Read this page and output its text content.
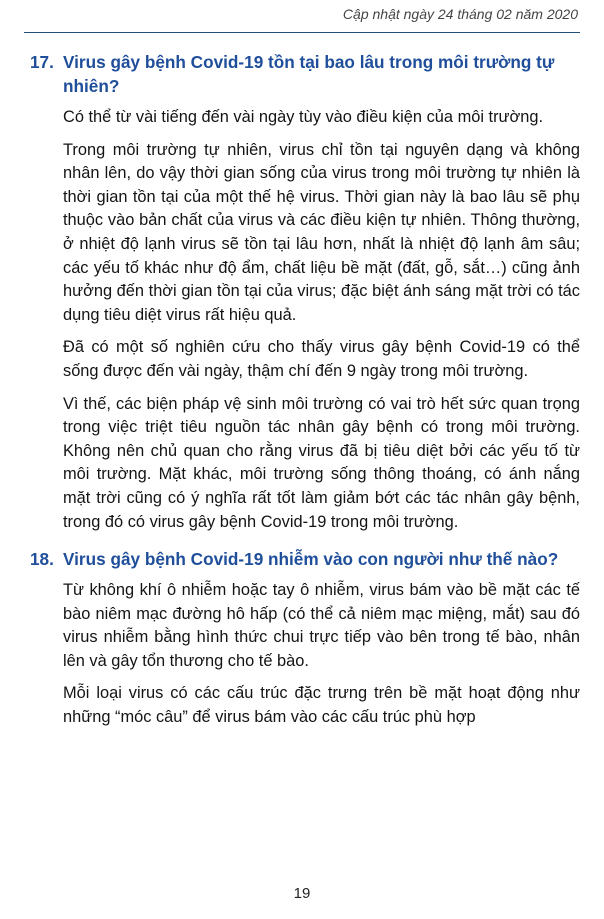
Cập nhật ngày 24 tháng 02 năm 2020
17. Virus gây bệnh Covid-19 tồn tại bao lâu trong môi trường tự nhiên?

Có thể từ vài tiếng đến vài ngày tùy vào điều kiện của môi trường.

Trong môi trường tự nhiên, virus chỉ tồn tại nguyên dạng và không nhân lên, do vậy thời gian sống của virus trong môi trường tự nhiên là thời gian tồn tại của một thế hệ virus. Thời gian này là bao lâu sẽ phụ thuộc vào bản chất của virus và các điều kiện tự nhiên. Thông thường, ở nhiệt độ lạnh virus sẽ tồn tại lâu hơn, nhất là nhiệt độ lạnh âm sâu; các yếu tố khác như độ ẩm, chất liệu bề mặt (đất, gỗ, sắt…) cũng ảnh hưởng đến thời gian tồn tại của virus; đặc biệt ánh sáng mặt trời có tác dụng tiêu diệt virus rất hiệu quả.

Đã có một số nghiên cứu cho thấy virus gây bệnh Covid-19 có thể sống được đến vài ngày, thậm chí đến 9 ngày trong môi trường.

Vì thế, các biện pháp vệ sinh môi trường có vai trò hết sức quan trọng trong việc triệt tiêu nguồn tác nhân gây bệnh có trong môi trường. Không nên chủ quan cho rằng virus đã bị tiêu diệt bởi các yếu tố từ môi trường. Mặt khác, môi trường sống thông thoáng, có ánh nắng mặt trời cũng có ý nghĩa rất tốt làm giảm bớt các tác nhân gây bệnh, trong đó có virus gây bệnh Covid-19 trong môi trường.

18. Virus gây bệnh Covid-19 nhiễm vào con người như thế nào?

Từ không khí ô nhiễm hoặc tay ô nhiễm, virus bám vào bề mặt các tế bào niêm mạc đường hô hấp (có thể cả niêm mạc miệng, mắt) sau đó virus nhiễm bằng hình thức chui trực tiếp vào bên trong tế bào, nhân lên và gây tổn thương cho tế bào.

Mỗi loại virus có các cấu trúc đặc trưng trên bề mặt hoạt động như những “móc câu” để virus bám vào các cấu trúc phù hợp

19
